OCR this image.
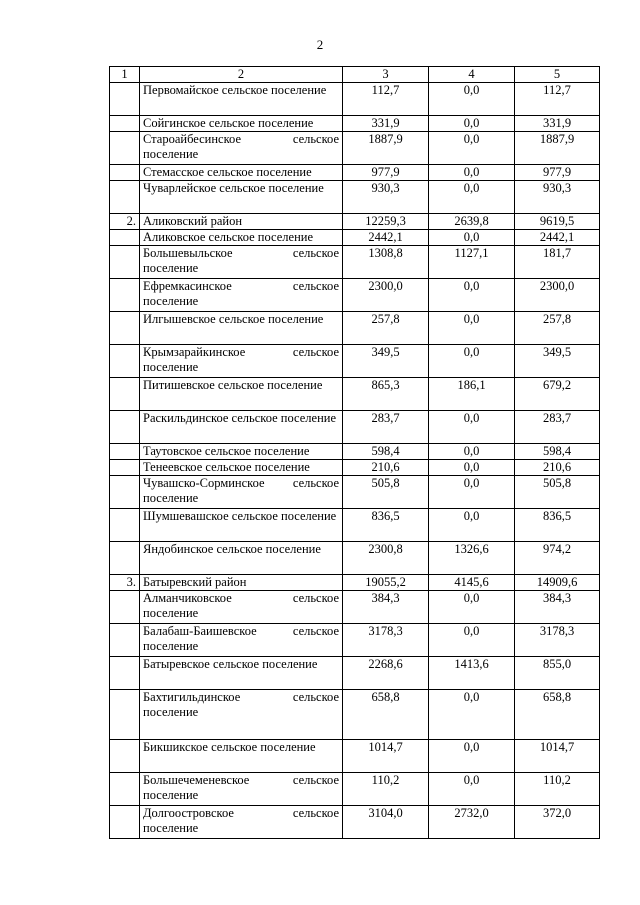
2
1	2	3	4	5
	Первомайское сельское поселение	112,7	0,0	112,7
	Сойгинское сельское поселение	331,9	0,0	331,9
	Староайбесинское сельское поселение	1887,9	0,0	1887,9
	Стемасское сельское поселение	977,9	0,0	977,9
	Чуварлейское сельское поселение	930,3	0,0	930,3
2.	Аликовский район	12259,3	2639,8	9619,5
	Аликовское сельское поселение	2442,1	0,0	2442,1
	Большевыльское сельское поселение	1308,8	1127,1	181,7
	Ефремкасинское сельское поселение	2300,0	0,0	2300,0
	Илгышевское сельское поселение	257,8	0,0	257,8
	Крымзарайкинское сельское поселение	349,5	0,0	349,5
	Питишевское сельское поселение	865,3	186,1	679,2
	Раскильдинское сельское поселение	283,7	0,0	283,7
	Таутовское сельское поселение	598,4	0,0	598,4
	Тенеевское сельское поселение	210,6	0,0	210,6
	Чувашско-Сорминское сельское поселение	505,8	0,0	505,8
	Шумшевашское сельское поселение	836,5	0,0	836,5
	Яндобинское сельское поселение	2300,8	1326,6	974,2
3.	Батыревский район	19055,2	4145,6	14909,6
	Алманчиковское сельское поселение	384,3	0,0	384,3
	Балабаш-Баишевское сельское поселение	3178,3	0,0	3178,3
	Батыревское сельское поселение	2268,6	1413,6	855,0
	Бахтигильдинское сельское поселение	658,8	0,0	658,8
	Бикшикское сельское поселение	1014,7	0,0	1014,7
	Большечеменевское сельское поселение	110,2	0,0	110,2
	Долгоостровское сельское поселение	3104,0	2732,0	372,0
